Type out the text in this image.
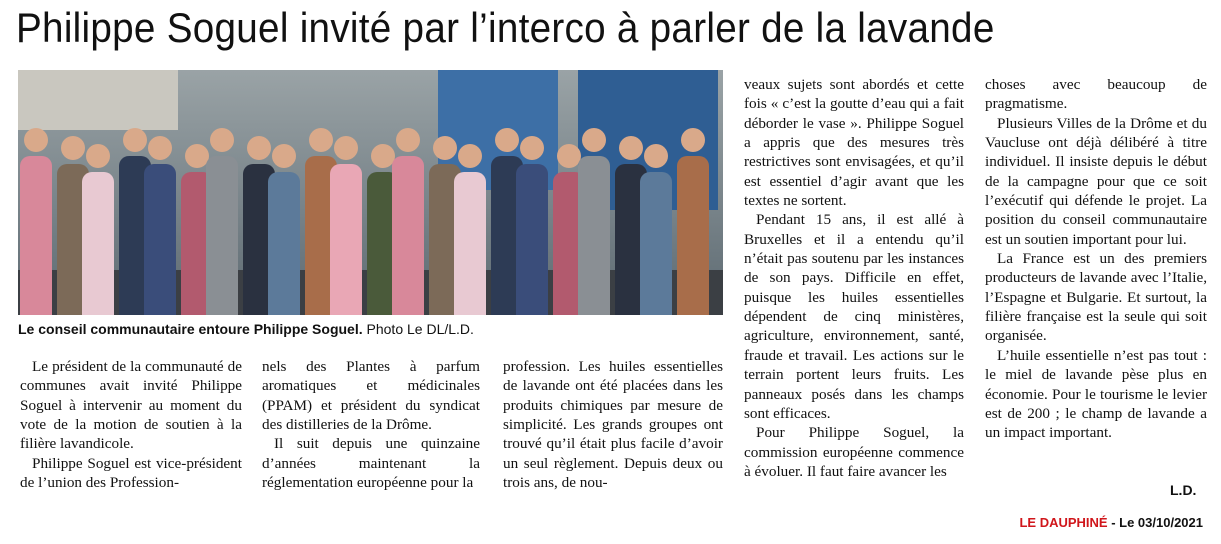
Philippe Soguel invité par l’interco à parler de la lavande
Le conseil communautaire entoure Philippe Soguel. Photo Le DL/L.D.

Le président de la communauté de communes avait invité Philippe Soguel à intervenir au moment du vote de la motion de soutien à la filière lavandicole.

Philippe Soguel est vice-président de l’union des Profession-

nels des Plantes à parfum aromatiques et médicinales (PPAM) et président du syndicat des distilleries de la Drôme.

Il suit depuis une quinzaine d’années maintenant la réglementation européenne pour la

profession. Les huiles essentielles de lavande ont été placées dans les produits chimiques par mesure de simplicité. Les grands groupes ont trouvé qu’il était plus facile d’avoir un seul règlement. Depuis deux ou trois ans, de nou-

veaux sujets sont abordés et cette fois « c’est la goutte d’eau qui a fait déborder le vase ». Philippe Soguel a appris que des mesures très restrictives sont envisagées, et qu’il est essentiel d’agir avant que les textes ne sortent.

Pendant 15 ans, il est allé à Bruxelles et il a entendu qu’il n’était pas soutenu par les instances de son pays. Difficile en effet, puisque les huiles essentielles dépendent de cinq ministères, agriculture, environnement, santé, fraude et travail. Les actions sur le terrain portent leurs fruits. Les panneaux posés dans les champs sont efficaces.

Pour Philippe Soguel, la commission européenne commence à évoluer. Il faut faire avancer les

choses avec beaucoup de pragmatisme.

Plusieurs Villes de la Drôme et du Vaucluse ont déjà délibéré à titre individuel. Il insiste depuis le début de la campagne pour que ce soit l’exécutif qui défende le projet. La position du conseil communautaire est un soutien important pour lui.

La France est un des premiers producteurs de lavande avec l’Italie, l’Espagne et Bulgarie. Et surtout, la filière française est la seule qui soit organisée.

L’huile essentielle n’est pas tout : le miel de lavande pèse plus en économie. Pour le tourisme le levier est de 200 ; le champ de lavande a un impact important.

L.D.
LE DAUPHINÉ - Le 03/10/2021
